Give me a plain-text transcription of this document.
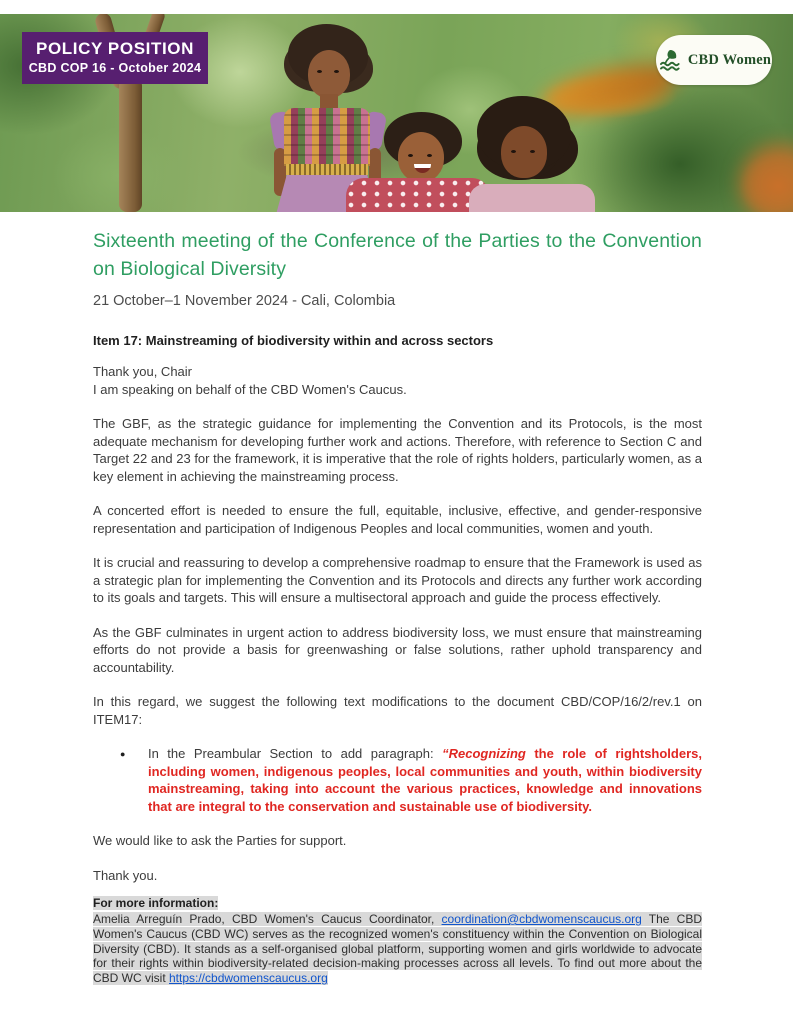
POLICY POSITION
CBD COP 16 - October 2024
CBD Women
Sixteenth meeting of the Conference of the Parties to the Convention on Biological Diversity
21 October–1 November 2024 - Cali, Colombia
Item 17: Mainstreaming of biodiversity within and across sectors
Thank you, Chair
I am speaking on behalf of the CBD Women's Caucus.
The GBF, as the strategic guidance for implementing the Convention and its Protocols, is the most adequate mechanism for developing further work and actions. Therefore, with reference to Section C and Target 22 and 23 for the framework, it is imperative that the role of rights holders, particularly women, as a key element in achieving the mainstreaming process.
A concerted effort is needed to ensure the full, equitable, inclusive, effective, and gender-responsive representation and participation of Indigenous Peoples and local communities, women and youth.
It is crucial and reassuring to develop a comprehensive roadmap to ensure that the Framework is used as a strategic plan for implementing the Convention and its Protocols and directs any further work according to its goals and targets. This will ensure a multisectoral approach and guide the process effectively.
As the GBF culminates in urgent action to address biodiversity loss, we must ensure that mainstreaming efforts do not provide a basis for greenwashing or false solutions, rather uphold transparency and accountability.
In this regard, we suggest the following text modifications to the document CBD/COP/16/2/rev.1 on ITEM17:
● In the Preambular Section to add paragraph: “Recognizing the role of rightsholders, including women, indigenous peoples, local communities and youth, within biodiversity mainstreaming, taking into account the various practices, knowledge and innovations that are integral to the conservation and sustainable use of biodiversity.
We would like to ask the Parties for support.
Thank you.
For more information:
Amelia Arreguín Prado, CBD Women's Caucus Coordinator, coordination@cbdwomenscaucus.org The CBD Women's Caucus (CBD WC) serves as the recognized women's constituency within the Convention on Biological Diversity (CBD). It stands as a self-organised global platform, supporting women and girls worldwide to advocate for their rights within biodiversity-related decision-making processes across all levels. To find out more about the CBD WC visit https://cbdwomenscaucus.org
